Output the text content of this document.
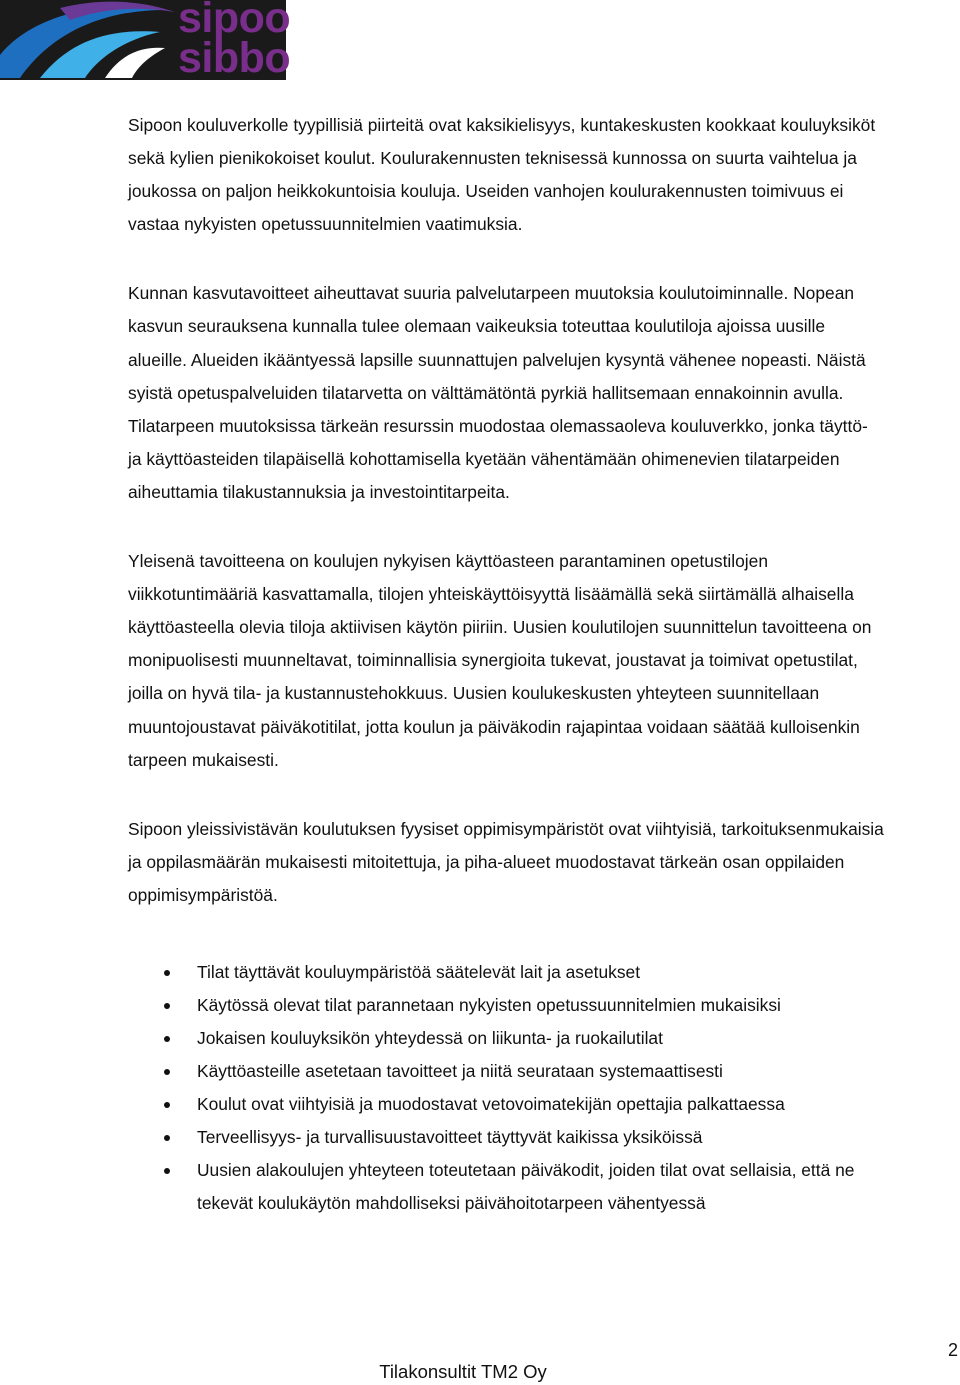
sipoo
sibbo

Sipoon kouluverkolle tyypillisiä piirteitä ovat kaksikielisyys, kuntakeskusten kookkaat kouluyksiköt
sekä kylien pienikokoiset koulut. Koulurakennusten teknisessä kunnossa on suurta vaihtelua ja
joukossa on paljon heikkokuntoisia kouluja. Useiden vanhojen koulurakennusten toimivuus ei
vastaa nykyisten opetussuunnitelmien vaatimuksia.

Kunnan kasvutavoitteet aiheuttavat suuria palvelutarpeen muutoksia koulutoiminnalle. Nopean
kasvun seurauksena kunnalla tulee olemaan vaikeuksia toteuttaa koulutiloja ajoissa uusille
alueille. Alueiden ikääntyessä lapsille suunnattujen palvelujen kysyntä vähenee nopeasti. Näistä
syistä opetuspalveluiden tilatarvetta on välttämätöntä pyrkiä hallitsemaan ennakoinnin avulla.
Tilatarpeen muutoksissa tärkeän resurssin muodostaa olemassaoleva kouluverkko, jonka täyttö-
ja käyttöasteiden tilapäisellä kohottamisella kyetään vähentämään ohimenevien tilatarpeiden
aiheuttamia tilakustannuksia ja investointitarpeita.

Yleisenä tavoitteena on koulujen nykyisen käyttöasteen parantaminen opetustilojen
viikkotuntimääriä kasvattamalla, tilojen yhteiskäyttöisyyttä lisäämällä sekä siirtämällä alhaisella
käyttöasteella olevia tiloja aktiivisen käytön piiriin. Uusien koulutilojen suunnittelun tavoitteena on
monipuolisesti muunneltavat, toiminnallisia synergioita tukevat, joustavat ja toimivat opetustilat,
joilla on hyvä tila- ja kustannustehokkuus. Uusien koulukeskusten yhteyteen suunnitellaan
muuntojoustavat päiväkotitilat, jotta koulun ja päiväkodin rajapintaa voidaan säätää kulloisenkin
tarpeen mukaisesti.

Sipoon yleissivistävän koulutuksen fyysiset oppimisympäristöt ovat viihtyisiä, tarkoituksenmukaisia
ja oppilasmäärän mukaisesti mitoitettuja, ja piha-alueet muodostavat tärkeän osan oppilaiden
oppimisympäristöä.

Tilat täyttävät kouluympäristöä säätelevät lait ja asetukset
Käytössä olevat tilat parannetaan nykyisten opetussuunnitelmien mukaisiksi
Jokaisen kouluyksikön yhteydessä on liikunta- ja ruokailutilat
Käyttöasteille asetetaan tavoitteet ja niitä seurataan systemaattisesti
Koulut ovat viihtyisiä ja muodostavat vetovoimatekijän opettajia palkattaessa
Terveellisyys- ja turvallisuustavoitteet täyttyvät kaikissa yksiköissä
Uusien alakoulujen yhteyteen toteutetaan päiväkodit, joiden tilat ovat sellaisia, että ne
tekevät koulukäytön mahdolliseksi päivähoitotarpeen vähentyessä
2
Tilakonsultit TM2 Oy
